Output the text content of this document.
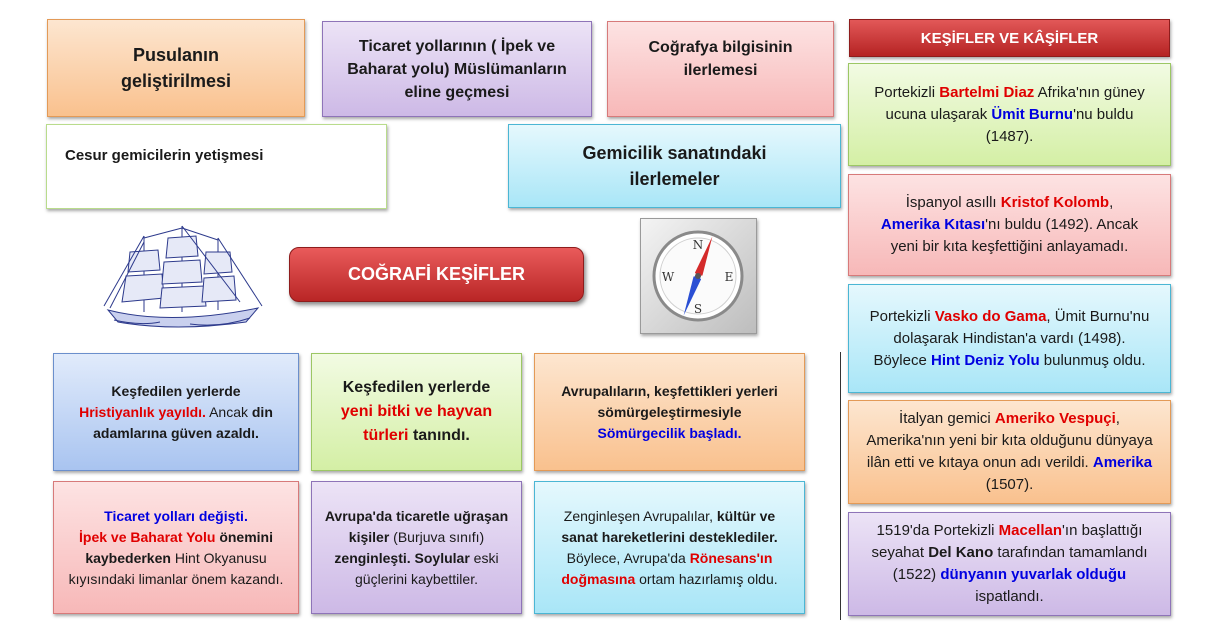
Pusulanın geliştirilmesi
Ticaret yollarının ( İpek ve Baharat yolu) Müslümanların eline geçmesi
Coğrafya bilgisinin ilerlemesi
Cesur gemicilerin yetişmesi	Gemicilik sanatındaki ilerlemeler
COĞRAFİ KEŞİFLER
N
E
S
W
Keşfedilen yerlerde
Hristiyanlık yayıldı. Ancak din adamlarına güven azaldı.
Keşfedilen yerlerde
yeni bitki ve hayvan türleri tanındı.
Avrupalıların, keşfettikleri yerleri sömürgeleştirmesiyle
Sömürgecilik başladı.
Ticaret yolları değişti.
İpek ve Baharat Yolu önemini kaybederken Hint Okyanusu kıyısındaki limanlar önem kazandı.
Avrupa'da ticaretle uğraşan kişiler (Burjuva sınıfı) zenginleşti. Soylular eski güçlerini kaybettiler.
Zenginleşen Avrupalılar, kültür ve sanat hareketlerini desteklediler. Böylece, Avrupa'da Rönesans'ın doğmasına ortam hazırlamış oldu.
KEŞİFLER VE KÂŞİFLER
Portekizli Bartelmi Diaz Afrika'nın güney ucuna ulaşarak Ümit Burnu'nu buldu (1487).
İspanyol asıllı Kristof Kolomb,
Amerika Kıtası'nı buldu (1492). Ancak yeni bir kıta keşfettiğini anlayamadı.
Portekizli Vasko do Gama, Ümit Burnu'nu dolaşarak Hindistan'a vardı (1498). Böylece Hint Deniz Yolu bulunmuş oldu.
İtalyan gemici Ameriko Vespuçi, Amerika'nın yeni bir kıta olduğunu dünyaya ilân etti ve kıtaya onun adı verildi. Amerika (1507).
1519'da Portekizli Macellan'ın başlattığı seyahat Del Kano tarafından tamamlandı (1522) dünyanın yuvarlak olduğu ispatlandı.
